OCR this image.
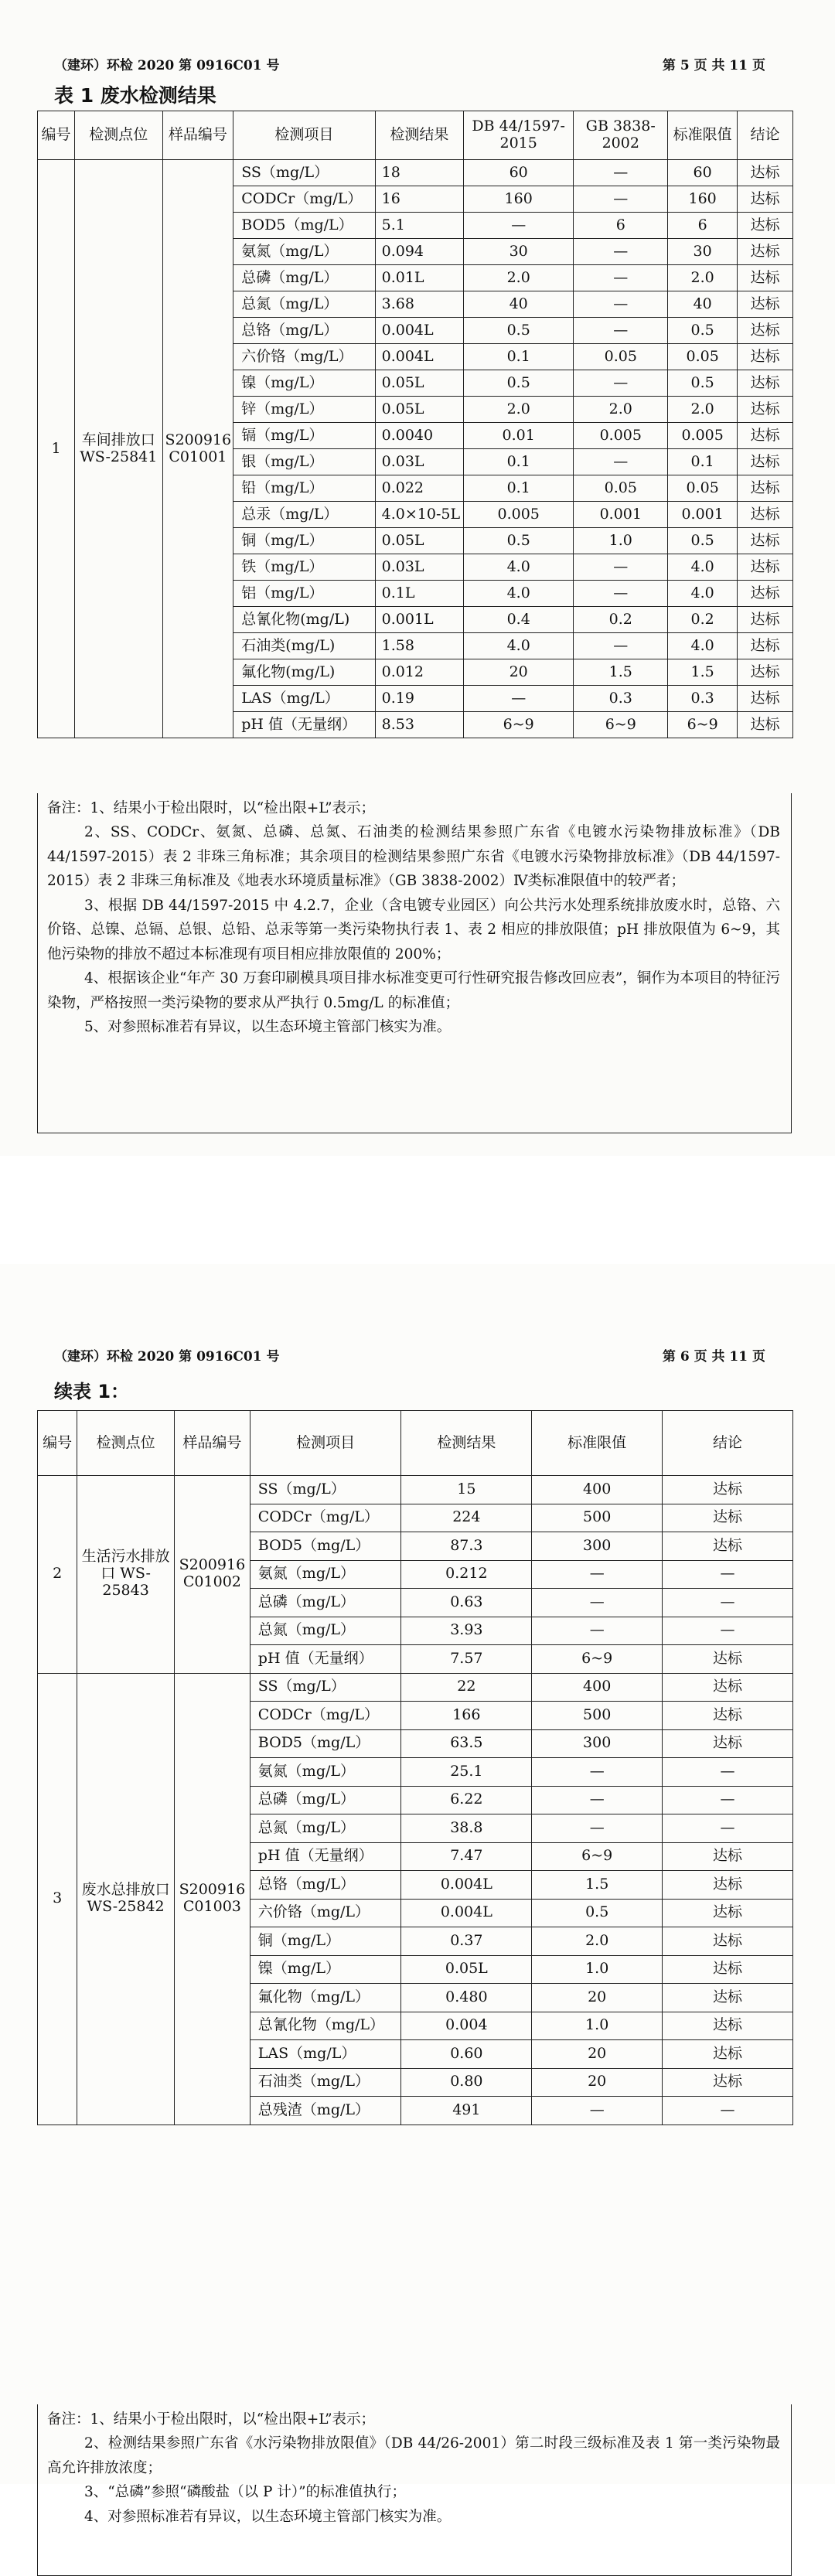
（建环）环检 2020 第 0916C01 号	第 5 页 共 11 页
表 1 废水检测结果
编号	检测点位	样品编号	检测项目	检测结果	DB 44/1597-2015	GB 3838-2002	标准限值	结论
1	车间排放口 WS-25841	S200916 C01001	SS（mg/L）	18	60	—	60	达标
			CODCr（mg/L）	16	160	—	160	达标
			BOD5（mg/L）	5.1	—	6	6	达标
			氨氮（mg/L）	0.094	30	—	30	达标
			总磷（mg/L）	0.01L	2.0	—	2.0	达标
			总氮（mg/L）	3.68	40	—	40	达标
			总铬（mg/L）	0.004L	0.5	—	0.5	达标
			六价铬（mg/L）	0.004L	0.1	0.05	0.05	达标
			镍（mg/L）	0.05L	0.5	—	0.5	达标
			锌（mg/L）	0.05L	2.0	2.0	2.0	达标
			镉（mg/L）	0.0040	0.01	0.005	0.005	达标
			银（mg/L）	0.03L	0.1	—	0.1	达标
			铅（mg/L）	0.022	0.1	0.05	0.05	达标
			总汞（mg/L）	4.0×10-5L	0.005	0.001	0.001	达标
			铜（mg/L）	0.05L	0.5	1.0	0.5	达标
			铁（mg/L）	0.03L	4.0	—	4.0	达标
			铝（mg/L）	0.1L	4.0	—	4.0	达标
			总氰化物(mg/L)	0.001L	0.4	0.2	0.2	达标
			石油类(mg/L)	1.58	4.0	—	4.0	达标
			氟化物(mg/L)	0.012	20	1.5	1.5	达标
			LAS（mg/L）	0.19	—	0.3	0.3	达标
			pH 值（无量纲）	8.53	6~9	6~9	6~9	达标

备注：1、结果小于检出限时，以“检出限+L”表示；

2、SS、CODCr、氨氮、总磷、总氮、石油类的检测结果参照广东省《电镀水污染物排放标准》（DB 44/1597-2015）表 2 非珠三角标准；其余项目的检测结果参照广东省《电镀水污染物排放标准》（DB 44/1597-2015）表 2 非珠三角标准及《地表水环境质量标准》（GB 3838-2002）Ⅳ类标准限值中的较严者；

3、根据 DB 44/1597-2015 中 4.2.7，企业（含电镀专业园区）向公共污水处理系统排放废水时，总铬、六价铬、总镍、总镉、总银、总铅、总汞等第一类污染物执行表 1、表 2 相应的排放限值；pH 排放限值为 6~9，其他污染物的排放不超过本标准现有项目相应排放限值的 200%；

4、根据该企业“年产 30 万套印刷模具项目排水标准变更可行性研究报告修改回应表”，铜作为本项目的特征污染物，严格按照一类污染物的要求从严执行 0.5mg/L 的标准值；

5、对参照标准若有异议，以生态环境主管部门核实为准。

（建环）环检 2020 第 0916C01 号	第 6 页 共 11 页
续表 1：
编号	检测点位	样品编号	检测项目	检测结果	标准限值	结论
2	生活污水排放口 WS-25843	S200916 C01002	SS（mg/L）	15	400	达标
			CODCr（mg/L）	224	500	达标
			BOD5（mg/L）	87.3	300	达标
			氨氮（mg/L）	0.212	—	—
			总磷（mg/L）	0.63	—	—
			总氮（mg/L）	3.93	—	—
			pH 值（无量纲）	7.57	6~9	达标
3	废水总排放口 WS-25842	S200916 C01003	SS（mg/L）	22	400	达标
			CODCr（mg/L）	166	500	达标
			BOD5（mg/L）	63.5	300	达标
			氨氮（mg/L）	25.1	—	—
			总磷（mg/L）	6.22	—	—
			总氮（mg/L）	38.8	—	—
			pH 值（无量纲）	7.47	6~9	达标
			总铬（mg/L）	0.004L	1.5	达标
			六价铬（mg/L）	0.004L	0.5	达标
			铜（mg/L）	0.37	2.0	达标
			镍（mg/L）	0.05L	1.0	达标
			氟化物（mg/L）	0.480	20	达标
			总氰化物（mg/L）	0.004	1.0	达标
			LAS（mg/L）	0.60	20	达标
			石油类（mg/L）	0.80	20	达标
			总残渣（mg/L）	491	—	—

备注：1、结果小于检出限时，以“检出限+L”表示；

2、检测结果参照广东省《水污染物排放限值》（DB 44/26-2001）第二时段三级标准及表 1 第一类污染物最高允许排放浓度；

3、“总磷”参照“磷酸盐（以 P 计）”的标准值执行；

4、对参照标准若有异议，以生态环境主管部门核实为准。
